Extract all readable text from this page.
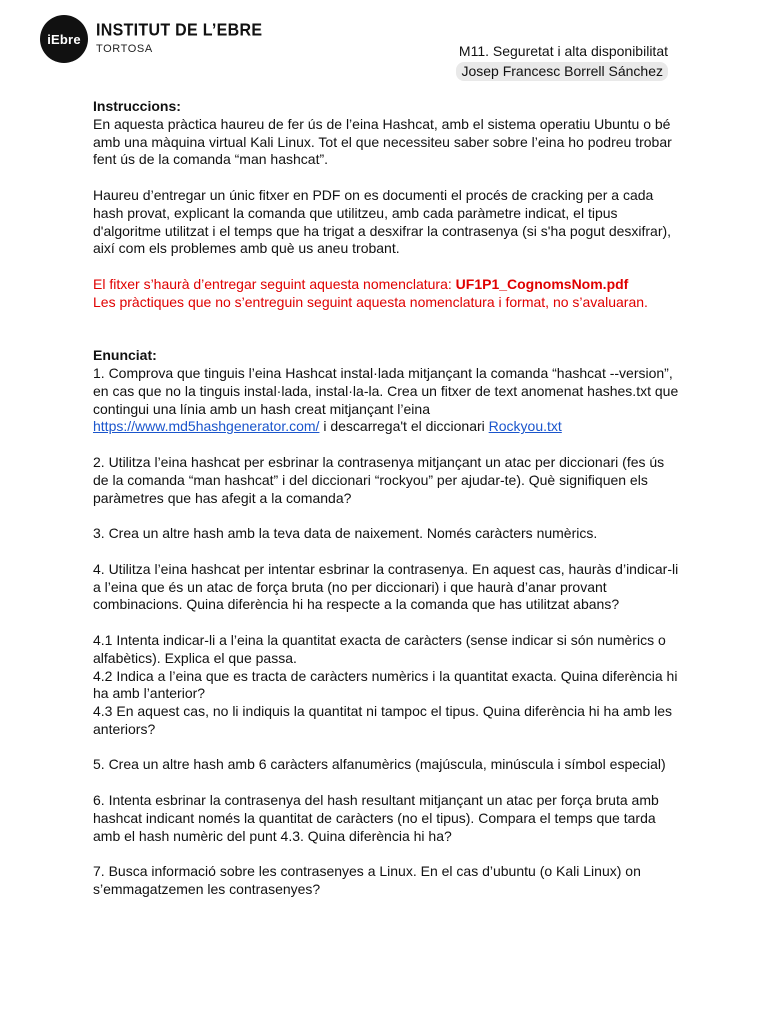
iEbre INSTITUT DE L’EBRE
TORTOSA	M11. Seguretat i alta disponibilitat
Josep Francesc Borrell Sánchez

Instruccions:

En aquesta pràctica haureu de fer ús de l’eina Hashcat, amb el sistema operatiu Ubuntu o bé amb una màquina virtual Kali Linux. Tot el que necessiteu saber sobre l’eina ho podreu trobar fent ús de la comanda “man hashcat”.

Haureu d’entregar un únic fitxer en PDF on es documenti el procés de cracking per a cada hash provat, explicant la comanda que utilitzeu, amb cada paràmetre indicat, el tipus d'algoritme utilitzat i el temps que ha trigat a desxifrar la contrasenya (si s'ha pogut desxifrar), així com els problemes amb què us aneu trobant.

El fitxer s’haurà d’entregar seguint aquesta nomenclatura: UF1P1_CognomsNom.pdf

Les pràctiques que no s’entreguin seguint aquesta nomenclatura i format, no s’avaluaran.

Enunciat:

1. Comprova que tinguis l’eina Hashcat instal·lada mitjançant la comanda “hashcat --version”, en cas que no la tinguis instal·lada, instal·la-la. Crea un fitxer de text anomenat hashes.txt que contingui una línia amb un hash creat mitjançant l’eina
https://www.md5hashgenerator.com/ i descarrega't el diccionari Rockyou.txt

2. Utilitza l’eina hashcat per esbrinar la contrasenya mitjançant un atac per diccionari (fes ús de la comanda “man hashcat” i del diccionari “rockyou” per ajudar-te). Què signifiquen els paràmetres que has afegit a la comanda?

3. Crea un altre hash amb la teva data de naixement. Només caràcters numèrics.

4. Utilitza l’eina hashcat per intentar esbrinar la contrasenya. En aquest cas, hauràs d’indicar-li a l’eina que és un atac de força bruta (no per diccionari) i que haurà d’anar provant combinacions. Quina diferència hi ha respecte a la comanda que has utilitzat abans?

4.1 Intenta indicar-li a l’eina la quantitat exacta de caràcters (sense indicar si són numèrics o alfabètics). Explica el que passa.

4.2 Indica a l’eina que es tracta de caràcters numèrics i la quantitat exacta. Quina diferència hi ha amb l’anterior?

4.3 En aquest cas, no li indiquis la quantitat ni tampoc el tipus. Quina diferència hi ha amb les anteriors?

5. Crea un altre hash amb 6 caràcters alfanumèrics (majúscula, minúscula i símbol especial)

6. Intenta esbrinar la contrasenya del hash resultant mitjançant un atac per força bruta amb hashcat indicant només la quantitat de caràcters (no el tipus). Compara el temps que tarda amb el hash numèric del punt 4.3. Quina diferència hi ha?

7. Busca informació sobre les contrasenyes a Linux. En el cas d’ubuntu (o Kali Linux) on s’emmagatzemen les contrasenyes?
